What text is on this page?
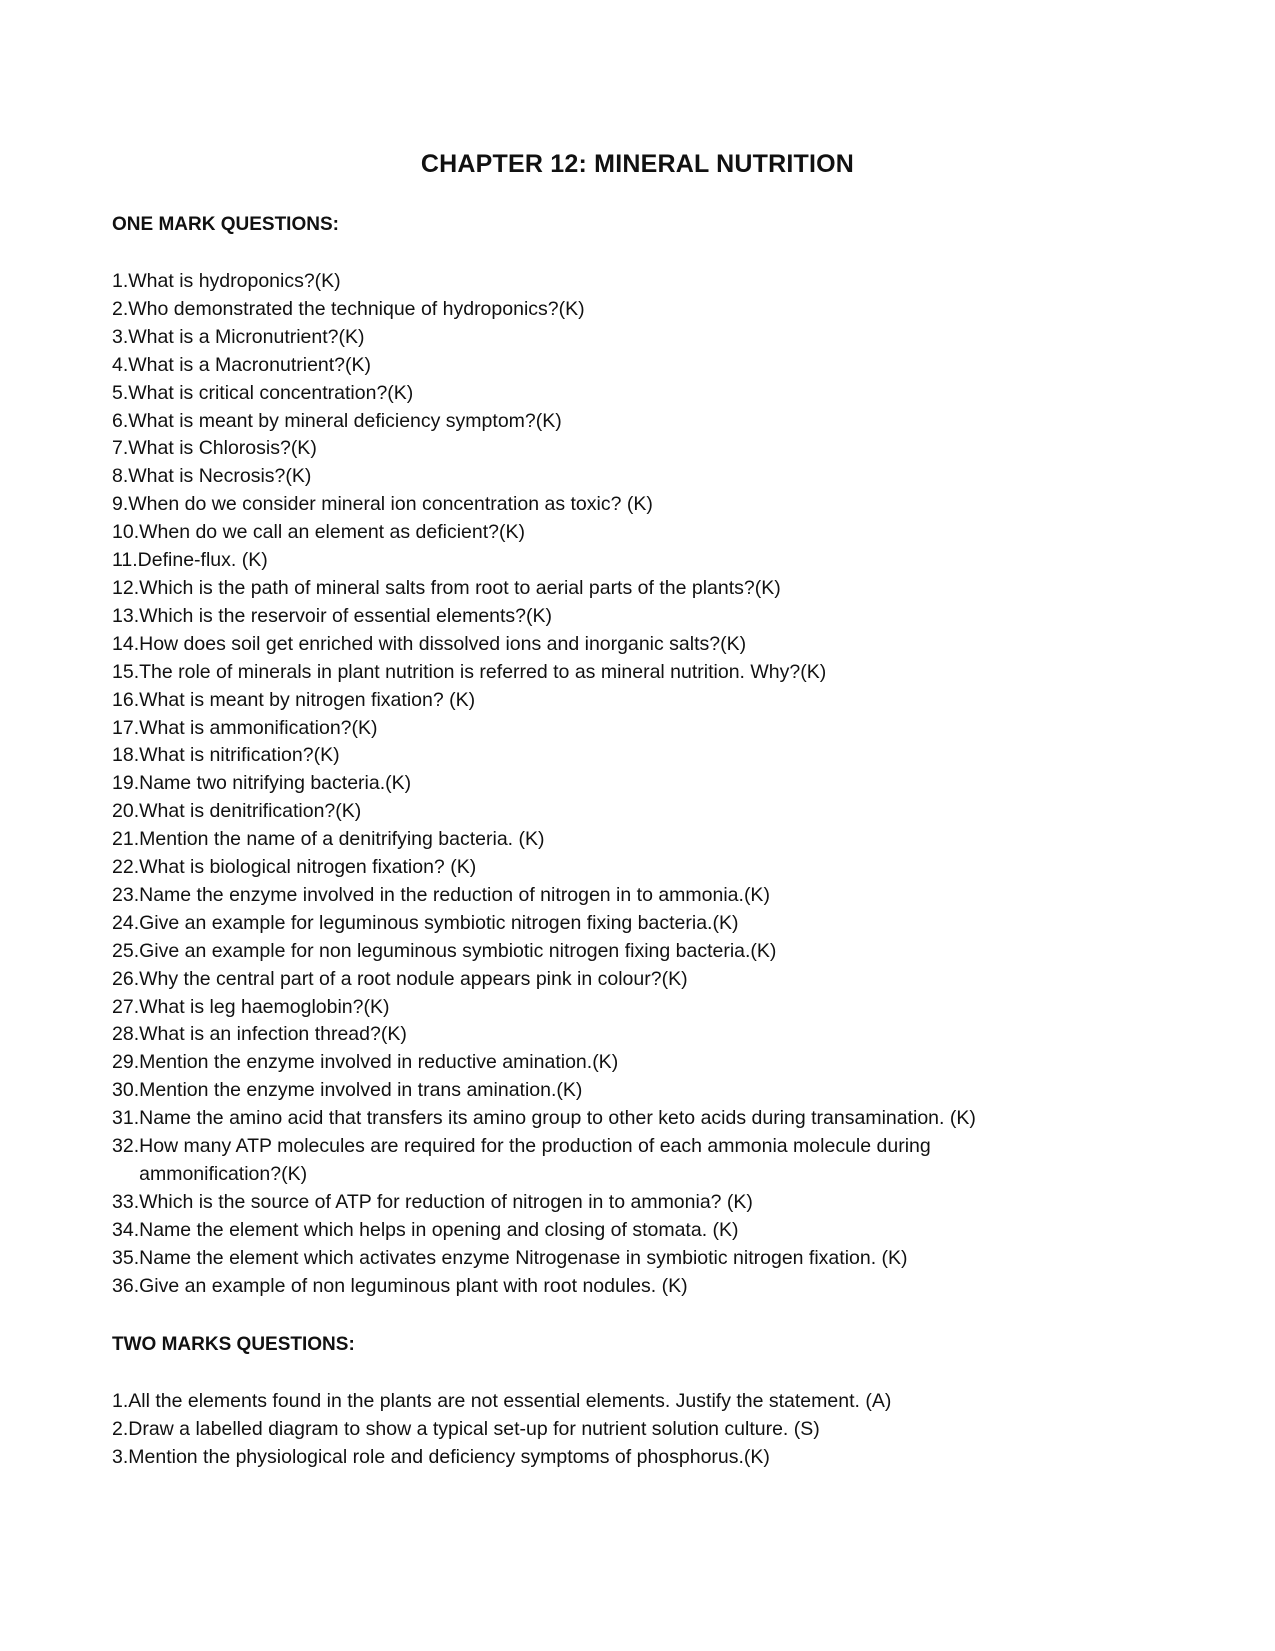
CHAPTER 12: MINERAL NUTRITION
ONE MARK QUESTIONS:
1. What is hydroponics?(K)
2. Who demonstrated the technique of hydroponics?(K)
3. What is a Micronutrient?(K)
4. What is a Macronutrient?(K)
5. What is critical concentration?(K)
6. What is meant by mineral deficiency symptom?(K)
7. What is Chlorosis?(K)
8. What is Necrosis?(K)
9. When do we consider mineral ion concentration as toxic? (K)
10. When do we call an element as deficient?(K)
11. Define-flux. (K)
12. Which is the path of mineral salts from root to aerial parts of the plants?(K)
13. Which is the reservoir of essential elements?(K)
14. How does soil get enriched with dissolved ions and inorganic salts?(K)
15. The role of minerals in plant nutrition is referred to as mineral nutrition. Why?(K)
16. What is meant by nitrogen fixation? (K)
17. What is ammonification?(K)
18. What is nitrification?(K)
19. Name two nitrifying bacteria.(K)
20. What is denitrification?(K)
21. Mention the name of a denitrifying bacteria. (K)
22. What is biological nitrogen fixation? (K)
23. Name the enzyme involved in the reduction of nitrogen in to ammonia.(K)
24. Give an example for leguminous symbiotic nitrogen fixing bacteria.(K)
25. Give an example for non leguminous symbiotic nitrogen fixing bacteria.(K)
26. Why the central part of a root nodule appears pink in colour?(K)
27. What is leg haemoglobin?(K)
28. What is an infection thread?(K)
29. Mention the enzyme involved in reductive amination.(K)
30. Mention the enzyme involved in trans amination.(K)
31. Name the amino acid that transfers its amino group to other keto acids during transamination. (K)
32. How many ATP molecules are required for the production of each ammonia molecule during ammonification?(K)
33. Which is the source of ATP for reduction of nitrogen in to ammonia? (K)
34. Name the element which helps in opening and closing of stomata. (K)
35. Name the element which activates enzyme Nitrogenase in symbiotic nitrogen fixation. (K)
36. Give an example of non leguminous plant with root nodules. (K)
TWO MARKS QUESTIONS:
1. All the elements found in the plants are not essential elements. Justify the statement. (A)
2. Draw a labelled diagram to show a typical set-up for nutrient solution culture. (S)
3. Mention the physiological role and deficiency symptoms of phosphorus.(K)
